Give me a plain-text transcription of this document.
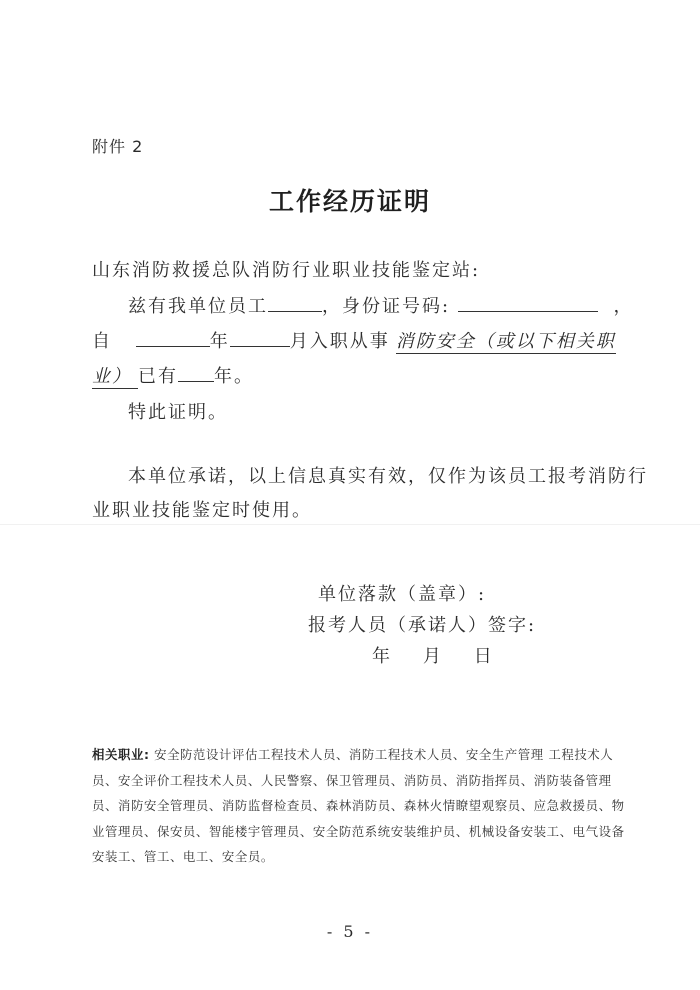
附件 2
工作经历证明
山东消防救援总队消防行业职业技能鉴定站:
兹有我单位员工	，身份证号码:	，
自	年	月入职从事 消防安全（或以下相关职
业） 已有 年。
特此证明。
本单位承诺，以上信息真实有效，仅作为该员工报考消防行
业职业技能鉴定时使用。
单位落款（盖章）:
报考人员（承诺人）签字:
年    月    日
相关职业: 安全防范设计评估工程技术人员、消防工程技术人员、安全生产管理 工程技术人员、安全评价工程技术人员、人民警察、保卫管理员、消防员、消防指挥员、消防装备管理员、消防安全管理员、消防监督检查员、森林消防员、森林火情瞭望观察员、应急救援员、物业管理员、保安员、智能楼宇管理员、安全防范系统安装维护员、机械设备安装工、电气设备安装工、管工、电工、安全员。
- 5 -
